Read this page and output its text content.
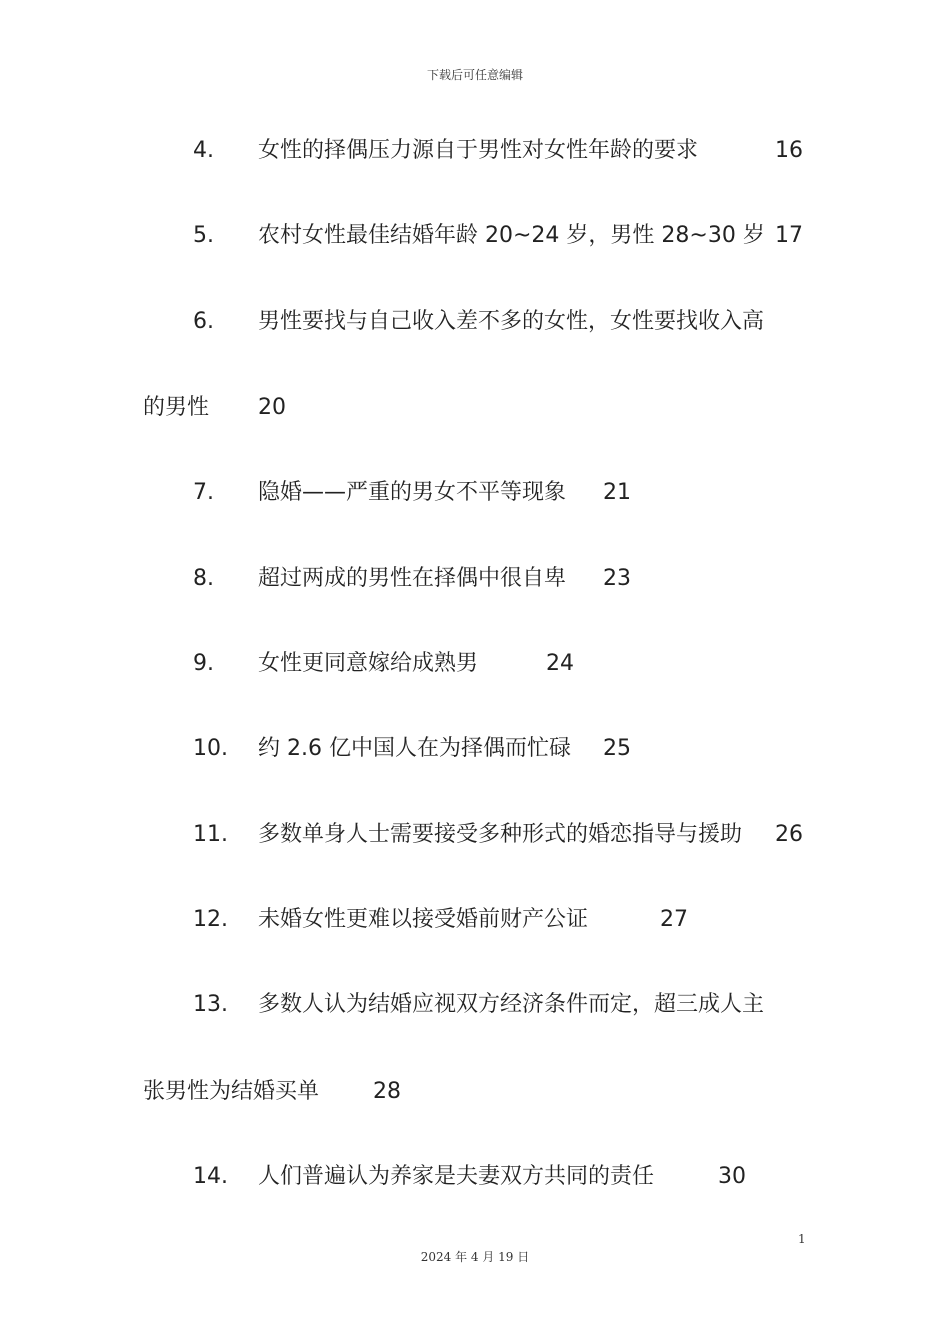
下载后可任意编辑
4. 女性的择偶压力源自于男性对女性年龄的要求	16
5. 农村女性最佳结婚年龄 20~24 岁，男性 28~30 岁 17
6. 男性要找与自己收入差不多的女性，女性要找收入高
的男性 20
7. 隐婚——严重的男女不平等现象 21
8. 超过两成的男性在择偶中很自卑 23
9. 女性更同意嫁给成熟男	24
10. 约 2.6 亿中国人在为择偶而忙碌 25
11. 多数单身人士需要接受多种形式的婚恋指导与援助 26
12. 未婚女性更难以接受婚前财产公证	27
13. 多数人认为结婚应视双方经济条件而定，超三成人主
张男性为结婚买单 28
14. 人们普遍认为养家是夫妻双方共同的责任	30
1
2024 年 4 月 19 日
